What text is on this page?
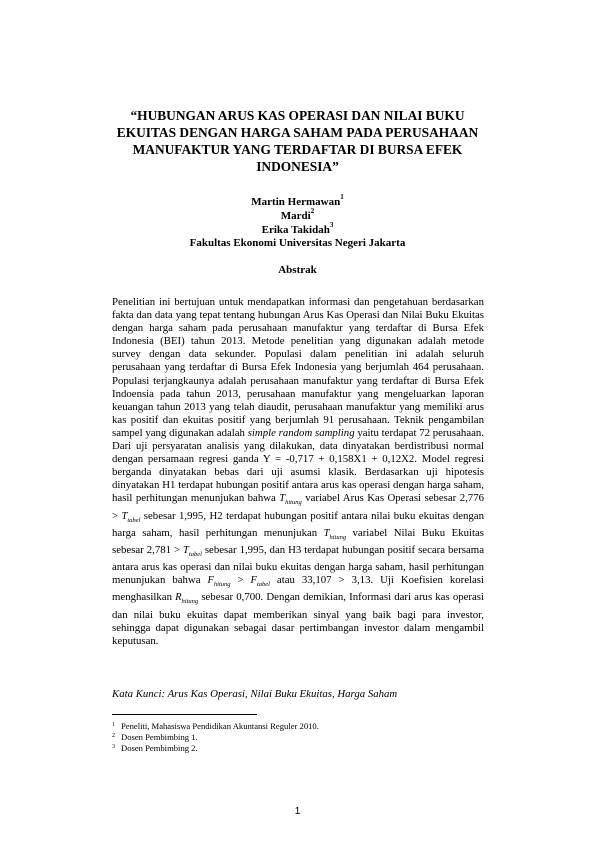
“HUBUNGAN ARUS KAS OPERASI DAN NILAI BUKU
EKUITAS DENGAN HARGA SAHAM PADA PERUSAHAAN
MANUFAKTUR YANG TERDAFTAR DI BURSA EFEK
INDONESIA”
Martin Hermawan$^1$
Mardi$^2$
Erika Takidah$^3$
Fakultas Ekonomi Universitas Negeri Jakarta
Abstrak

Penelitian ini bertujuan untuk mendapatkan informasi dan pengetahuan berdasarkan fakta dan data yang tepat tentang hubungan Arus Kas Operasi dan Nilai Buku Ekuitas dengan harga saham pada perusahaan manufaktur yang terdaftar di Bursa Efek Indonesia (BEI) tahun 2013. Metode penelitian yang digunakan adalah metode survey dengan data sekunder. Populasi dalam penelitian ini adalah seluruh perusahaan yang terdaftar di Bursa Efek Indonesia yang berjumlah 464 perusahaan. Populasi terjangkaunya adalah perusahaan manufaktur yang terdaftar di Bursa Efek Indoensia pada tahun 2013, perusahaan manufaktur yang mengeluarkan laporan keuangan tahun 2013 yang telah diaudit, perusahaan manufaktur yang memiliki arus kas positif dan ekuitas positif yang berjumlah 91 perusahaan. Teknik pengambilan sampel yang digunakan adalah simple random sampling yaitu terdapat 72 perusahaan. Dari uji persyaratan analisis yang dilakukan, data dinyatakan berdistribusi normal dengan persamaan regresi ganda Y = -0,717 + 0,158X1 + 0,12X2. Model regresi berganda dinyatakan bebas dari uji asumsi klasik. Berdasarkan uji hipotesis dinyatakan H1 terdapat hubungan positif antara arus kas operasi dengan harga saham, hasil perhitungan menunjukan bahwa $T_{hitung}$ variabel Arus Kas Operasi sebesar $2,776 > T_{tabel}$ sebesar 1,995, H2 terdapat hubungan positif antara nilai buku ekuitas dengan harga saham, hasil perhitungan menunjukan $T_{hitung}$ variabel Nilai Buku Ekuitas sebesar $2,781 > T_{tabel}$ sebesar 1,995, dan H3 terdapat hubungan positif secara bersama antara arus kas operasi dan nilai buku ekuitas dengan harga saham, hasil perhitungan menunjukan bahwa $F_{hitung} > F_{tabel}$ atau 33,107 > 3,13. Uji Koefisien korelasi menghasilkan $R_{hitung}$ sebesar 0,700. Dengan demikian, Informasi dari arus kas operasi dan nilai buku ekuitas dapat memberikan sinyal yang baik bagi para investor, sehingga dapat digunakan sebagai dasar pertimbangan investor dalam mengambil keputusan.

Kata Kunci: Arus Kas Operasi, Nilai Buku Ekuitas, Harga Saham
$^1$ Peneliti, Mahasiswa Pendidikan Akuntansi Reguler 2010.
$^2$ Dosen Pembimbing 1.
$^3$ Dosen Pembimbing 2.
1
